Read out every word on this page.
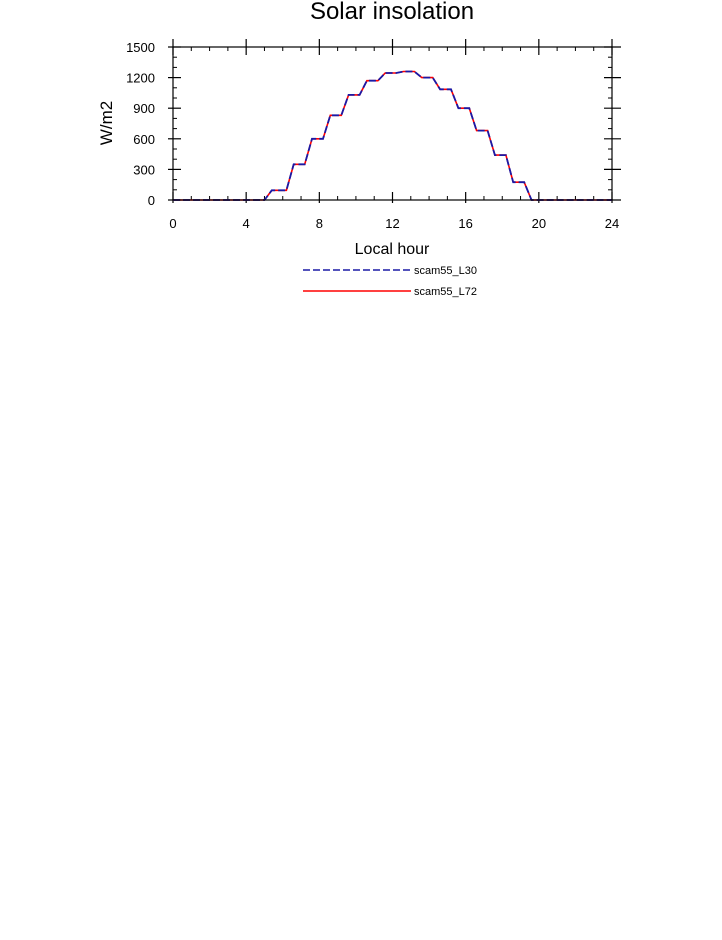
Solar insolation
W/m2
Local hour
0	4	8	12	16	20	24
0
300
600
900
1200
1500
scam55_L30
scam55_L72
